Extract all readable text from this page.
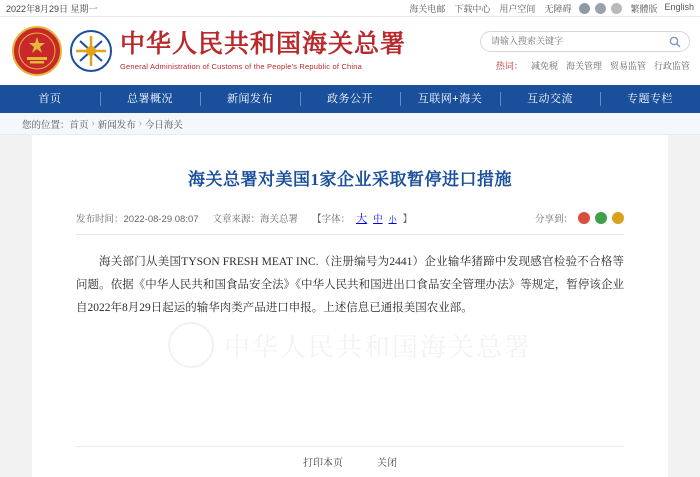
2022年8月29日 星期一	海关电邮 下载中心 用户空间 无障碍	繁體版 English
中华人民共和国海关总署
General Administration of Customs of the People's Republic of China
请输入搜索关键字	热词： 减免税 海关管理 贸易监管 行政监管
首页	总署概况	新闻发布	政务公开	互联网+海关	互动交流	专题专栏
您的位置： 首页 › 新闻发布 › 今日海关
海关总署对美国1家企业采取暂停进口措施
发布时间：2022-08-29 08:07 文章来源：海关总署 【字体： 大 中 小 】	分享到：
中华人民共和国海关总署
海关部门从美国TYSON FRESH MEAT INC.（注册编号为2441）企业输华猪蹄中发现感官检验不合格等问题。依据《中华人民共和国食品安全法》《中华人民共和国进出口食品安全管理办法》等规定，暂停该企业自2022年8月29日起运的输华肉类产品进口申报。上述信息已通报美国农业部。
打印本页	关闭
